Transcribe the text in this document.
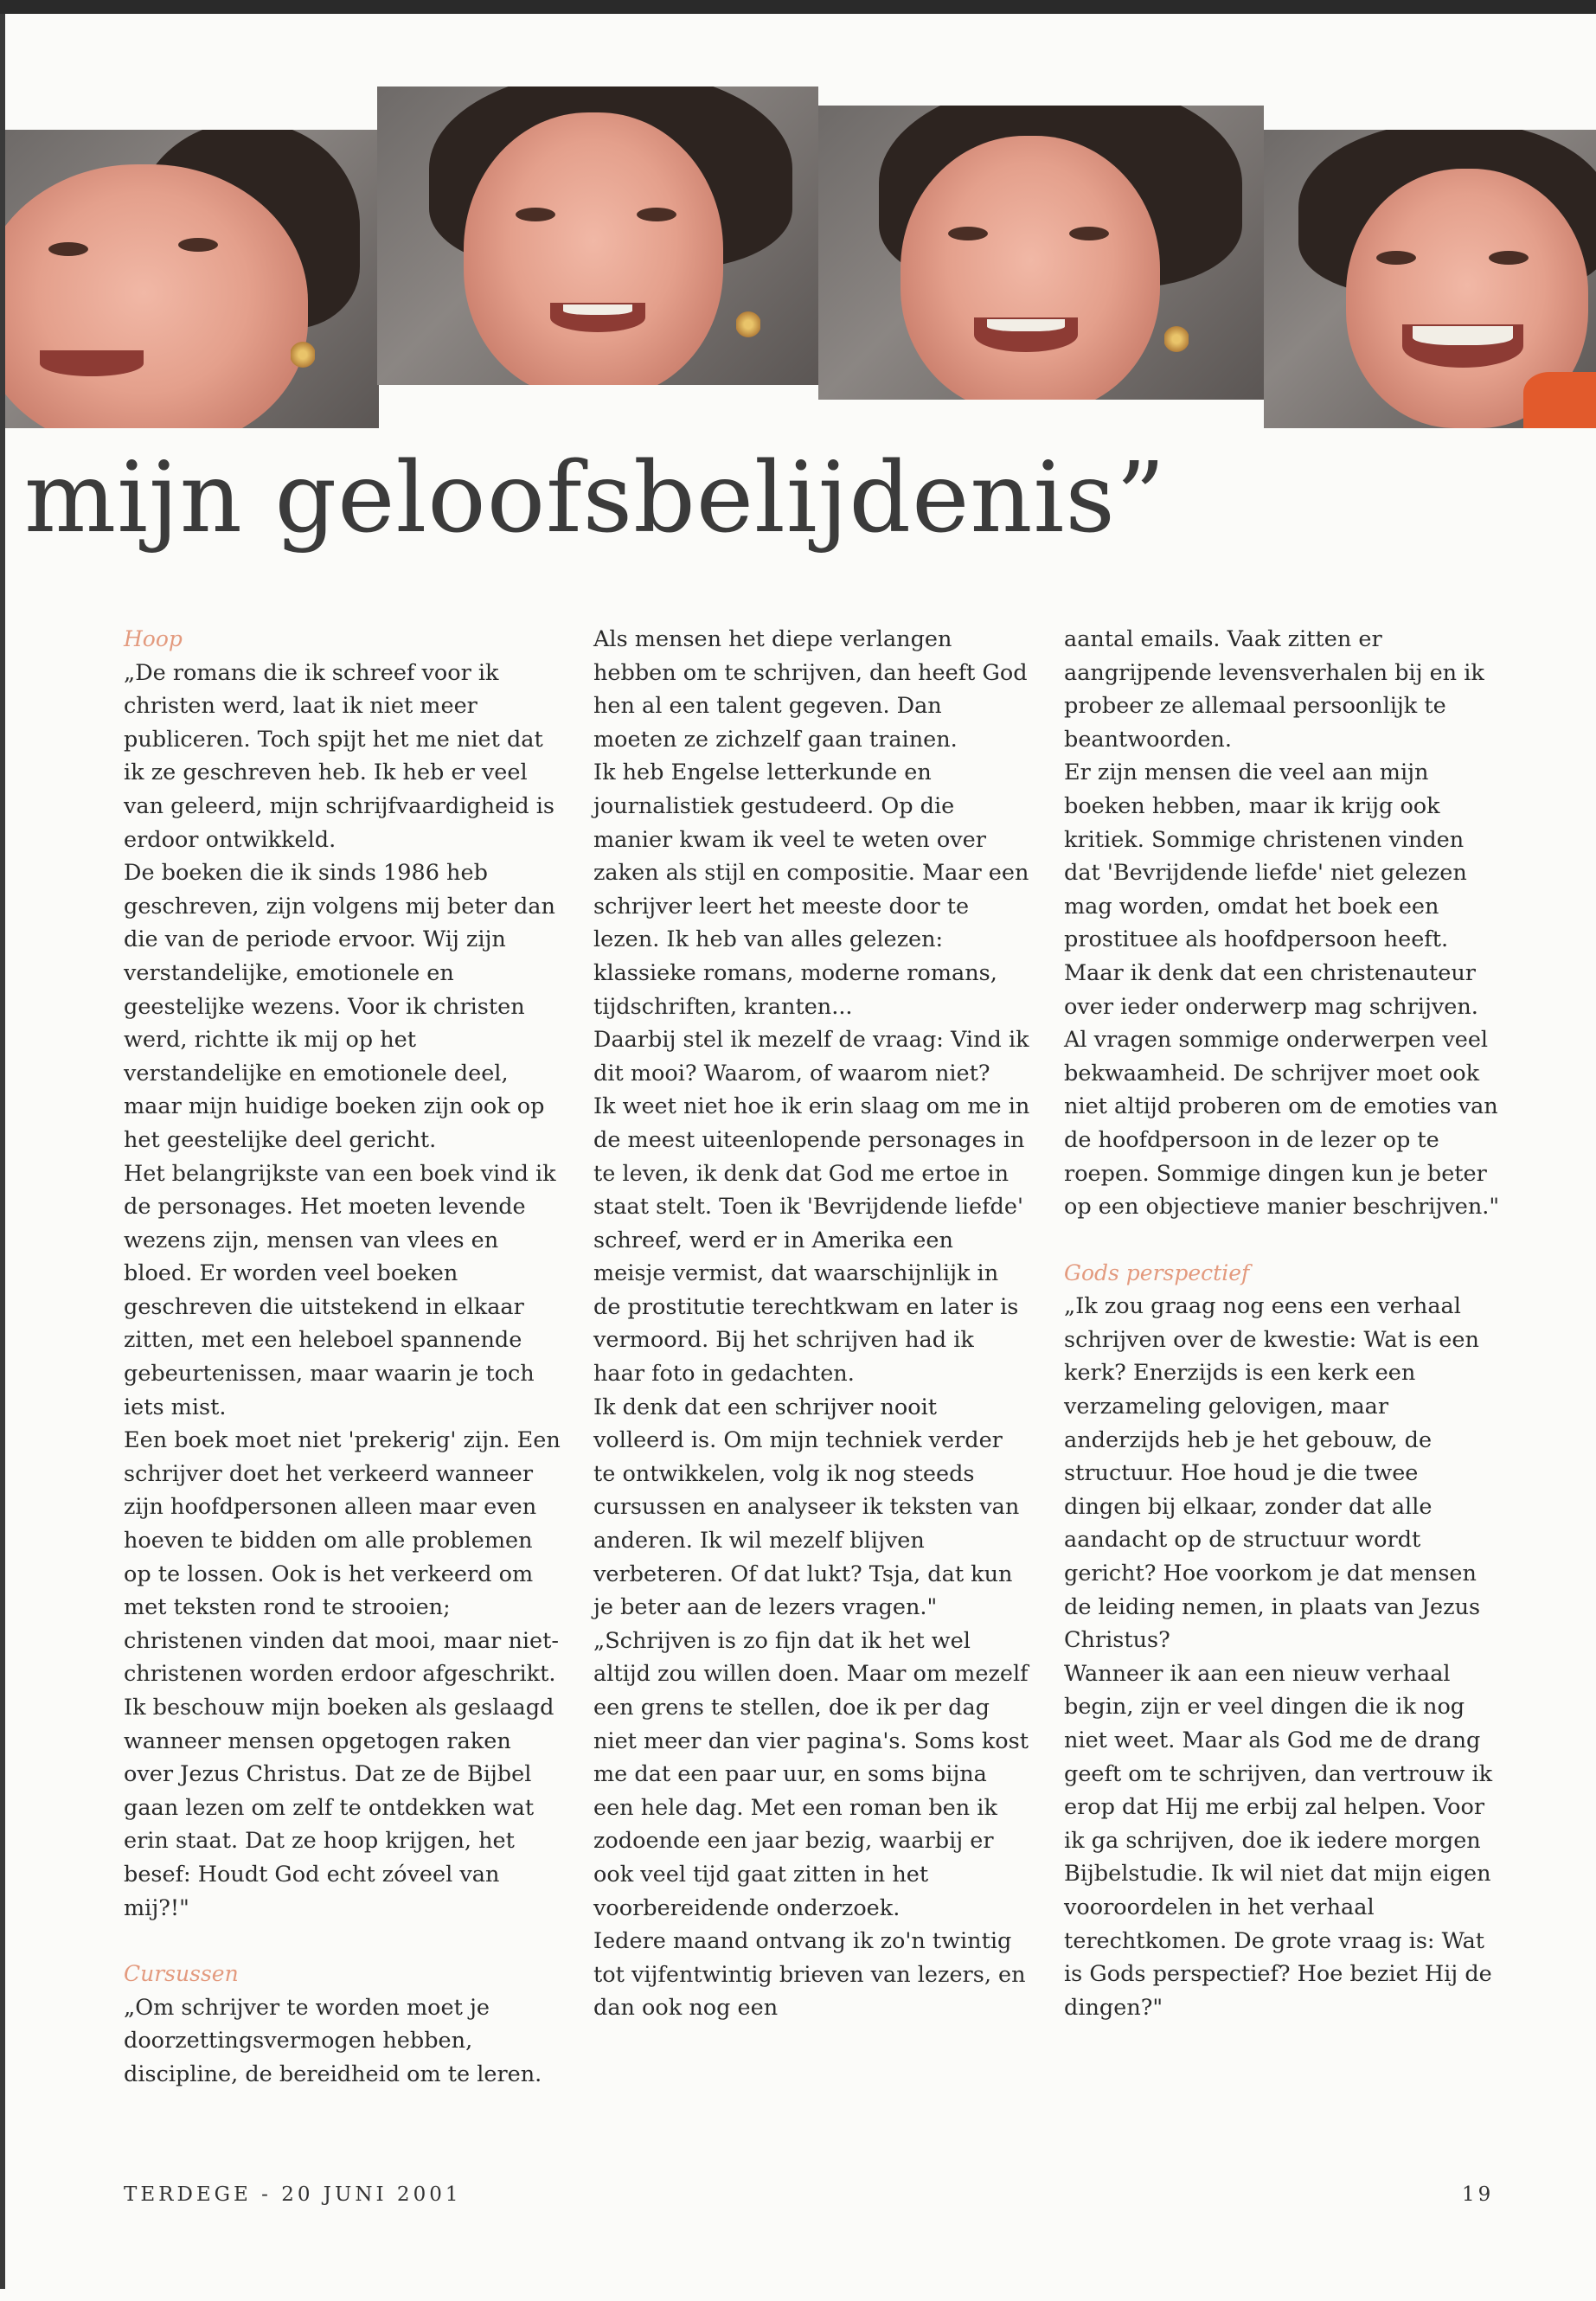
mijn geloofsbelijdenis”

Hoop

„De romans die ik schreef voor ik christen werd, laat ik niet meer publiceren. Toch spijt het me niet dat ik ze geschreven heb. Ik heb er veel van geleerd, mijn schrijfvaardigheid is erdoor ontwikkeld.

De boeken die ik sinds 1986 heb geschreven, zijn volgens mij beter dan die van de periode ervoor. Wij zijn verstandelijke, emotionele en geestelijke wezens. Voor ik christen werd, richtte ik mij op het verstandelijke en emotionele deel, maar mijn huidige boeken zijn ook op het geestelijke deel gericht.

Het belangrijkste van een boek vind ik de personages. Het moeten levende wezens zijn, mensen van vlees en bloed. Er worden veel boeken geschreven die uitstekend in elkaar zitten, met een heleboel spannende gebeurtenissen, maar waarin je toch iets mist.

Een boek moet niet 'prekerig' zijn. Een schrijver doet het verkeerd wanneer zijn hoofdpersonen alleen maar even hoeven te bidden om alle problemen op te lossen. Ook is het verkeerd om met teksten rond te strooien; christenen vinden dat mooi, maar niet-christenen worden erdoor afgeschrikt. Ik beschouw mijn boeken als geslaagd wanneer mensen opgetogen raken over Jezus Christus. Dat ze de Bijbel gaan lezen om zelf te ontdekken wat erin staat. Dat ze hoop krijgen, het besef: Houdt God echt zóveel van mij?!"

Cursussen

„Om schrijver te worden moet je doorzettingsvermogen hebben, discipline, de bereidheid om te leren.

Als mensen het diepe verlangen hebben om te schrijven, dan heeft God hen al een talent gegeven. Dan moeten ze zichzelf gaan trainen.

Ik heb Engelse letterkunde en journalistiek gestudeerd. Op die manier kwam ik veel te weten over zaken als stijl en compositie. Maar een schrijver leert het meeste door te lezen. Ik heb van alles gelezen: klassieke romans, moderne romans, tijdschriften, kranten...

Daarbij stel ik mezelf de vraag: Vind ik dit mooi? Waarom, of waarom niet?

Ik weet niet hoe ik erin slaag om me in de meest uiteenlopende personages in te leven, ik denk dat God me ertoe in staat stelt. Toen ik 'Bevrijdende liefde' schreef, werd er in Amerika een meisje vermist, dat waarschijnlijk in de prostitutie terechtkwam en later is vermoord. Bij het schrijven had ik haar foto in gedachten.

Ik denk dat een schrijver nooit volleerd is. Om mijn techniek verder te ontwikkelen, volg ik nog steeds cursussen en analyseer ik teksten van anderen. Ik wil mezelf blijven verbeteren. Of dat lukt? Tsja, dat kun je beter aan de lezers vragen."

„Schrijven is zo fijn dat ik het wel altijd zou willen doen. Maar om mezelf een grens te stellen, doe ik per dag niet meer dan vier pagina's. Soms kost me dat een paar uur, en soms bijna een hele dag. Met een roman ben ik zodoende een jaar bezig, waarbij er ook veel tijd gaat zitten in het voorbereidende onderzoek.

Iedere maand ontvang ik zo'n twintig tot vijfentwintig brieven van lezers, en dan ook nog een

aantal emails. Vaak zitten er aangrijpende levensverhalen bij en ik probeer ze allemaal persoonlijk te beantwoorden.

Er zijn mensen die veel aan mijn boeken hebben, maar ik krijg ook kritiek. Sommige christenen vinden dat 'Bevrijdende liefde' niet gelezen mag worden, omdat het boek een prostituee als hoofdpersoon heeft. Maar ik denk dat een christenauteur over ieder onderwerp mag schrijven. Al vragen sommige onderwerpen veel bekwaamheid. De schrijver moet ook niet altijd proberen om de emoties van de hoofdpersoon in de lezer op te roepen. Sommige dingen kun je beter op een objectieve manier beschrijven."

Gods perspectief

„Ik zou graag nog eens een verhaal schrijven over de kwestie: Wat is een kerk? Enerzijds is een kerk een verzameling gelovigen, maar anderzijds heb je het gebouw, de structuur. Hoe houd je die twee dingen bij elkaar, zonder dat alle aandacht op de structuur wordt gericht? Hoe voorkom je dat mensen de leiding nemen, in plaats van Jezus Christus?

Wanneer ik aan een nieuw verhaal begin, zijn er veel dingen die ik nog niet weet. Maar als God me de drang geeft om te schrijven, dan vertrouw ik erop dat Hij me erbij zal helpen. Voor ik ga schrijven, doe ik iedere morgen Bijbelstudie. Ik wil niet dat mijn eigen vooroordelen in het verhaal terechtkomen. De grote vraag is: Wat is Gods perspectief? Hoe beziet Hij de dingen?"

TERDEGE - 20 JUNI 2001	19
